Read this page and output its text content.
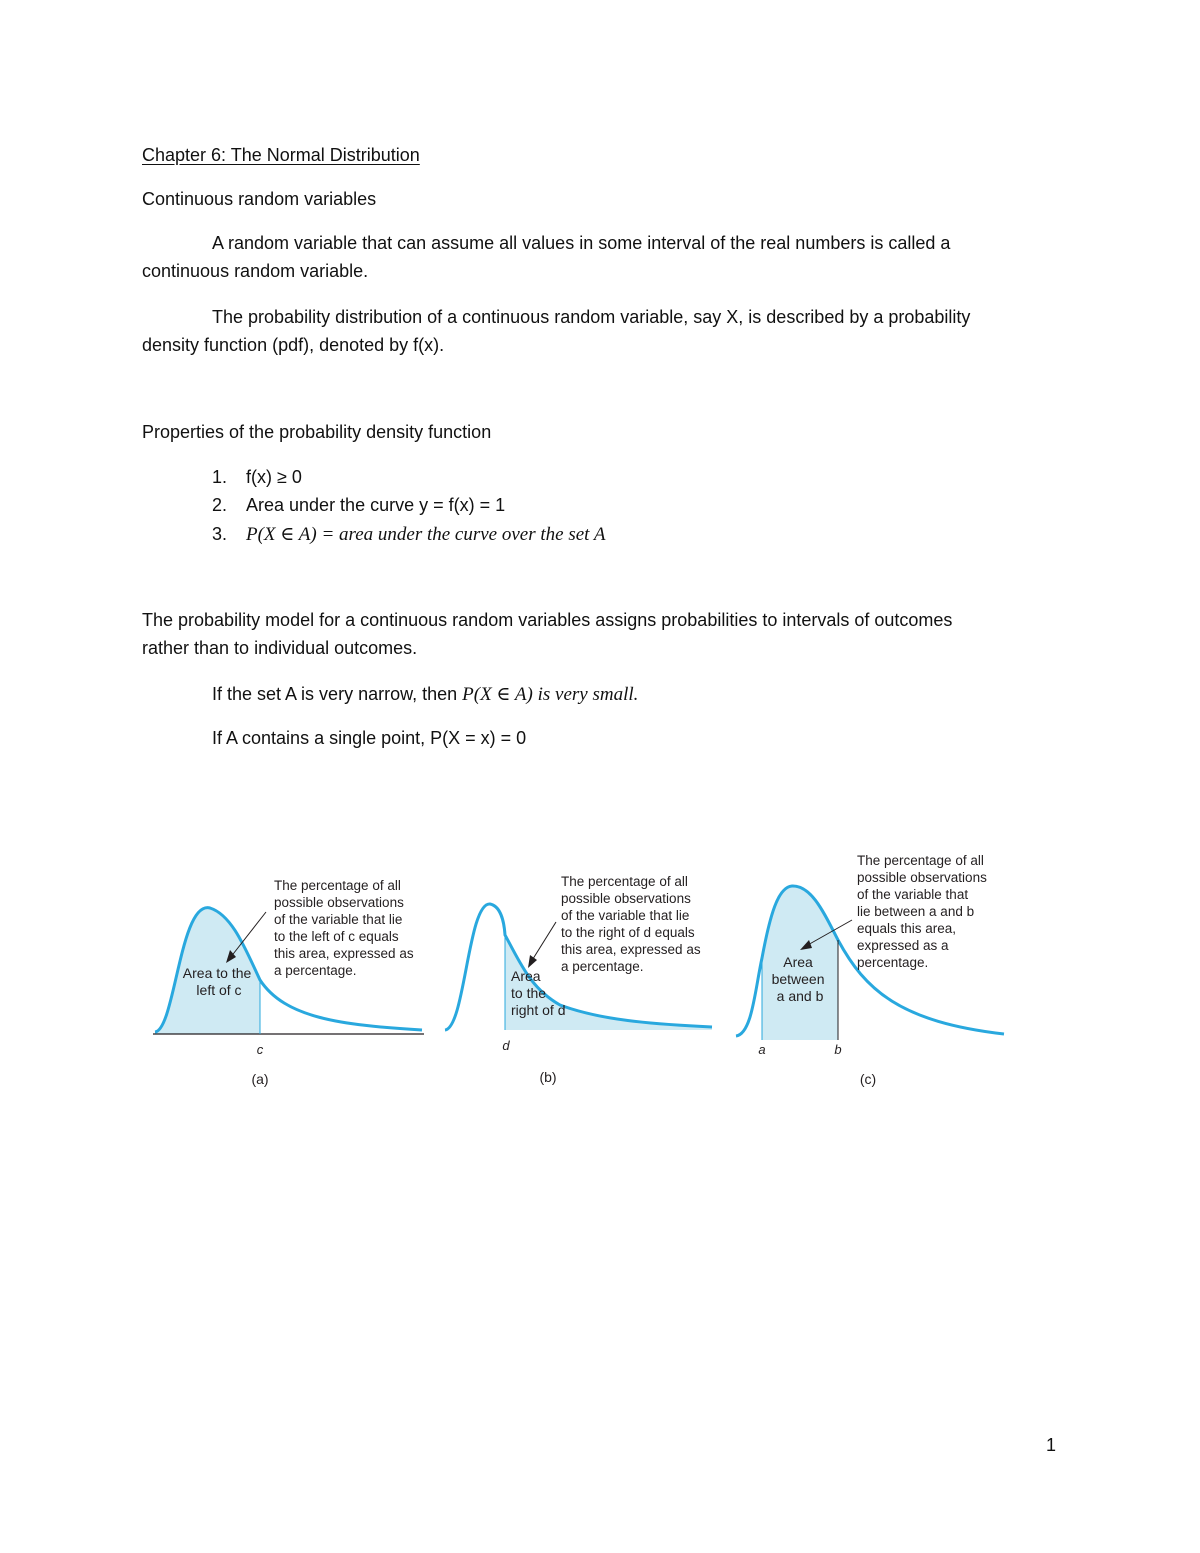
Chapter 6: The Normal Distribution
Continuous random variables
A random variable that can assume all values in some interval of the real numbers is called a
continuous random variable.
The probability distribution of a continuous random variable, say X, is described by a probability
density function (pdf), denoted by f(x).
Properties of the probability density function
1. f(x) ≥ 0
2. Area under the curve y = f(x) = 1
3. P(X ∈ A) = area under the curve over the set A
The probability model for a continuous random variables assigns probabilities to intervals of outcomes
rather than to individual outcomes.
If the set A is very narrow, then P(X ∈ A) is very small.
If A contains a single point, P(X = x) = 0
The percentage of all possible observations of the variable that lie to the left of c equals this area, expressed as a percentage.
Area to the left of c
c
(a)
The percentage of all possible observations of the variable that lie to the right of d equals this area, expressed as a percentage.
Area to the right of d
d
(b)
The percentage of all possible observations of the variable that lie between a and b equals this area, expressed as a percentage.
Area between a and b
a	b
(c)
1
